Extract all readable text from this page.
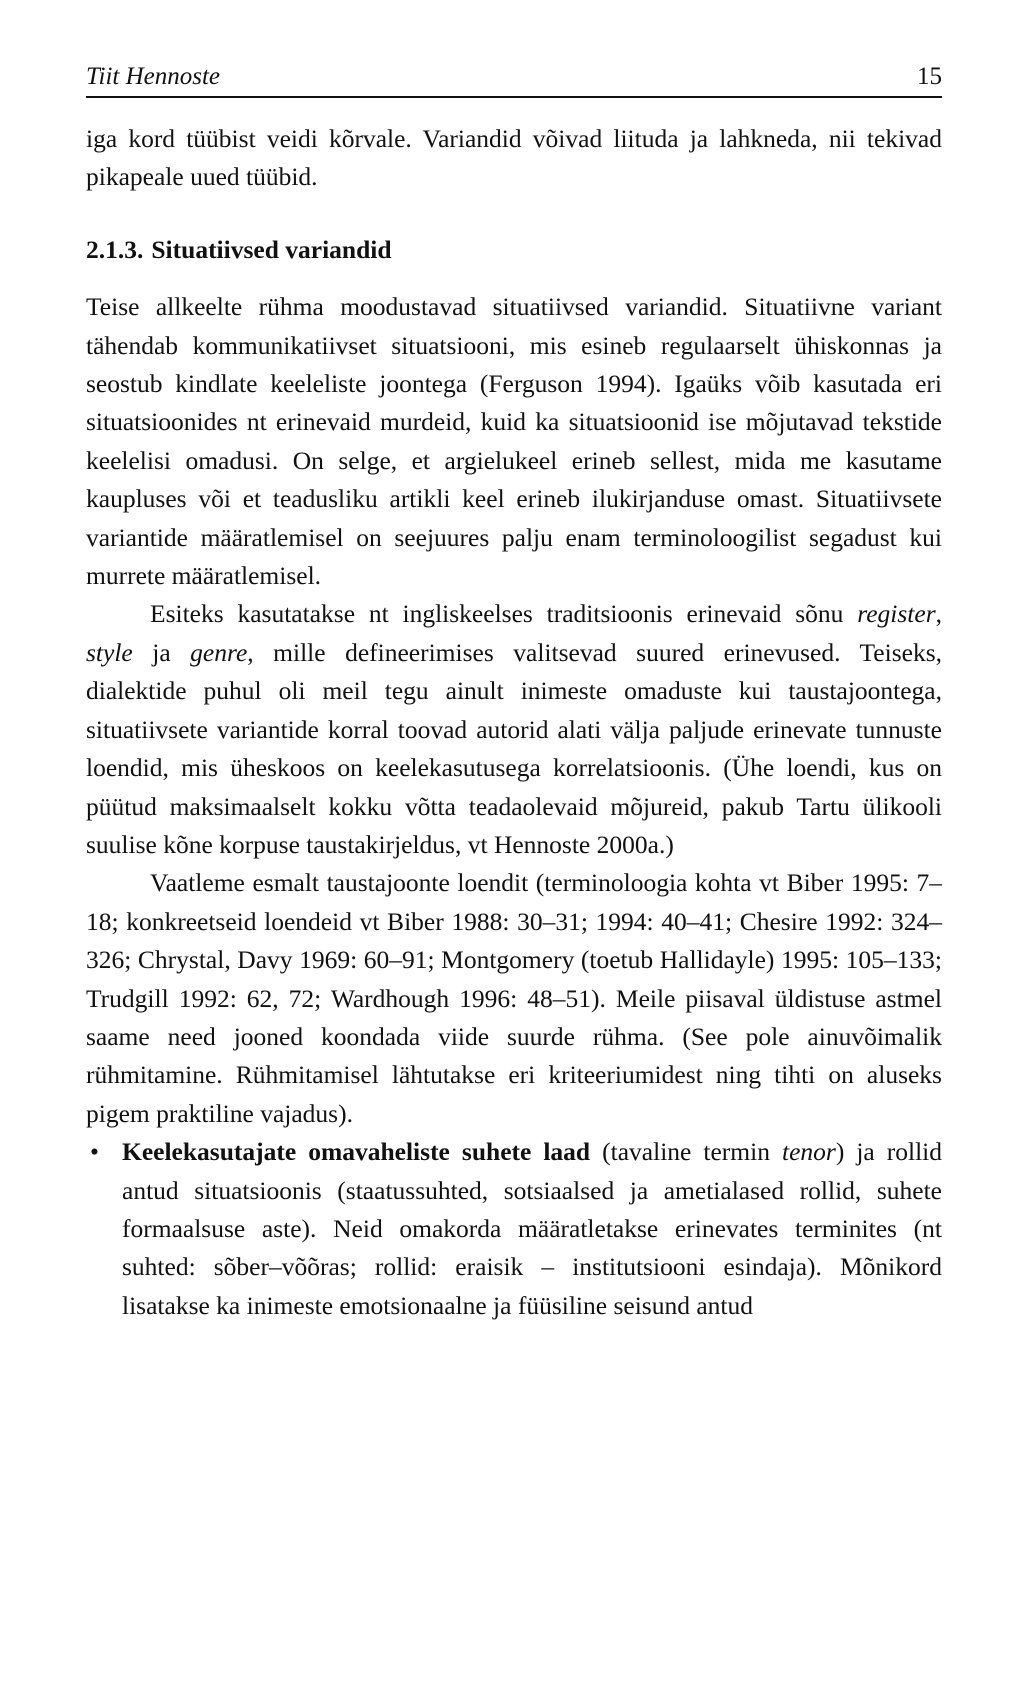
Tiit Hennoste	15

iga kord tüübist veidi kõrvale. Variandid võivad liituda ja lahkneda, nii tekivad pikapeale uued tüübid.

2.1.3. Situatiivsed variandid

Teise allkeelte rühma moodustavad situatiivsed variandid. Situatiivne variant tähendab kommunikatiivset situatsiooni, mis esineb regulaarselt ühiskonnas ja seostub kindlate keeleliste joontega (Ferguson 1994). Igaüks võib kasutada eri situatsioonides nt erinevaid murdeid, kuid ka situatsioonid ise mõjutavad tekstide keelelisi omadusi. On selge, et argielukeel erineb sellest, mida me kasutame kaupluses või et teadusliku artikli keel erineb ilukirjanduse omast. Situatiivsete variantide määratlemisel on seejuures palju enam terminoloogilist segadust kui murrete määratlemisel.

Esiteks kasutatakse nt ingliskeelses traditsioonis erinevaid sõnu register, style ja genre, mille defineerimises valitsevad suured erinevused. Teiseks, dialektide puhul oli meil tegu ainult inimeste omaduste kui taustajoontega, situatiivsete variantide korral toovad autorid alati välja paljude erinevate tunnuste loendid, mis üheskoos on keelekasutusega korrelatsioonis. (Ühe loendi, kus on püütud maksimaalselt kokku võtta teadaolevaid mõjureid, pakub Tartu ülikooli suulise kõne korpuse taustakirjeldus, vt Hennoste 2000a.)

Vaatleme esmalt taustajoonte loendit (terminoloogia kohta vt Biber 1995: 7–18; konkreetseid loendeid vt Biber 1988: 30–31; 1994: 40–41; Chesire 1992: 324–326; Chrystal, Davy 1969: 60–91; Montgomery (toetub Hallidayle) 1995: 105–133; Trudgill 1992: 62, 72; Wardhough 1996: 48–51). Meile piisaval üldistuse astmel saame need jooned koondada viide suurde rühma. (See pole ainuvõimalik rühmitamine. Rühmitamisel lähtutakse eri kriteeriumidest ning tihti on aluseks pigem praktiline vajadus).

• Keelekasutajate omavaheliste suhete laad (tavaline termin tenor) ja rollid antud situatsioonis (staatussuhted, sotsiaalsed ja ametialased rollid, suhete formaalsuse aste). Neid omakorda määratletakse erinevates terminites (nt suhted: sõber–võõras; rollid: eraisik – institutsiooni esindaja). Mõnikord lisatakse ka inimeste emotsionaalne ja füüsiline seisund antud
